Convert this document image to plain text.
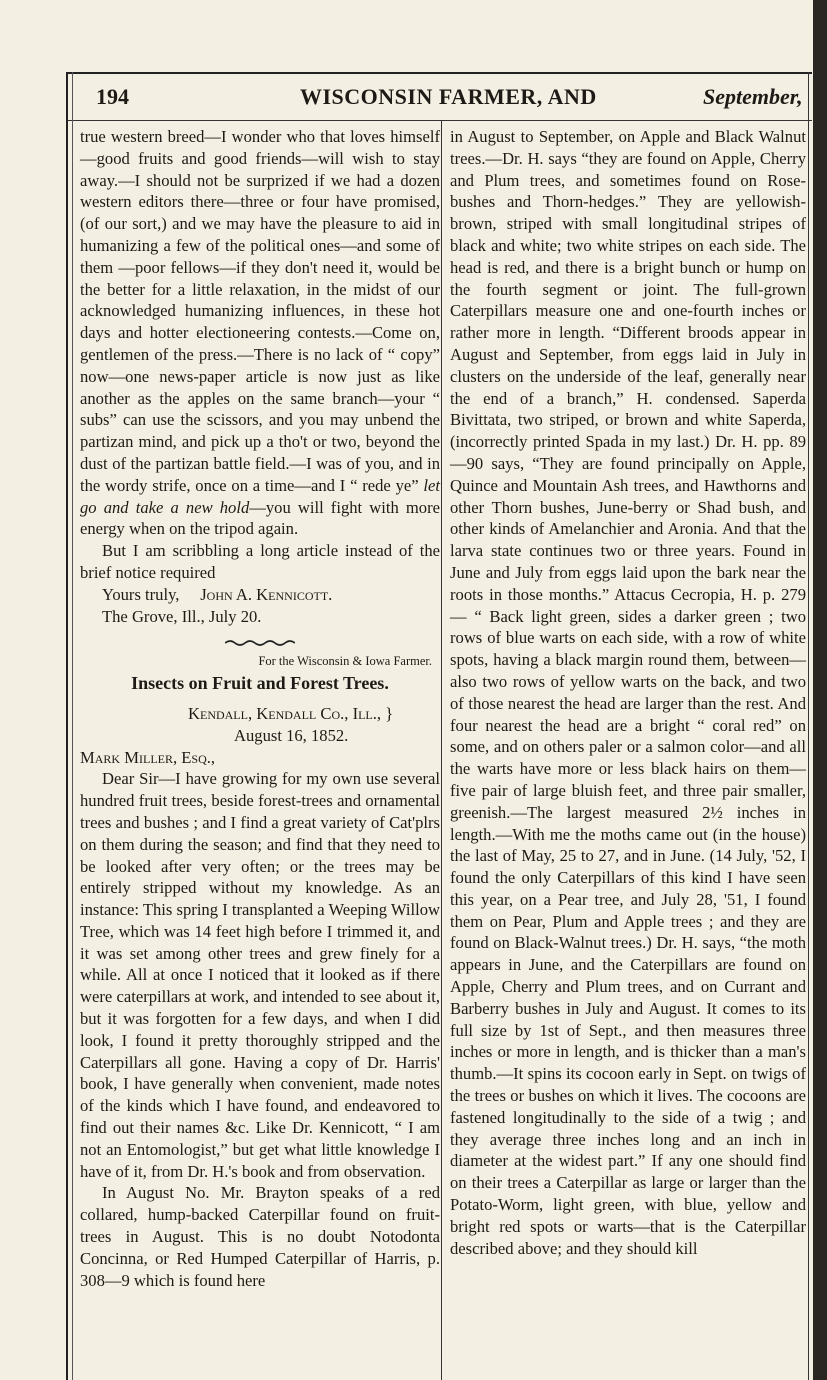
194	WISCONSIN FARMER, AND	September,

true western breed—I wonder who that loves himself—good fruits and good friends—will wish to stay away.—I should not be surprized if we had a dozen western editors there—three or four have promised, (of our sort,) and we may have the pleasure to aid in humanizing a few of the political ones—and some of them —poor fellows—if they don't need it, would be the better for a little relaxation, in the midst of our acknowledged humanizing influences, in these hot days and hotter electioneering contests.—Come on, gentlemen of the press.—There is no lack of “ copy” now—one news-paper article is now just as like another as the apples on the same branch—your “ subs” can use the scissors, and you may unbend the partizan mind, and pick up a tho't or two, beyond the dust of the partizan battle field.—I was of you, and in the wordy strife, once on a time—and I “ rede ye” let go and take a new hold—you will fight with more energy when on the tripod again.

But I am scribbling a long article instead of the brief notice required

Yours truly, John A. Kennicott.

The Grove, Ill., July 20.

For the Wisconsin & Iowa Farmer.

Insects on Fruit and Forest Trees.

Kendall, Kendall Co., Ill., }

August 16, 1852.

Mark Miller, Esq.,

Dear Sir—I have growing for my own use several hundred fruit trees, beside forest-trees and ornamental trees and bushes ; and I find a great variety of Cat'plrs on them during the season; and find that they need to be looked after very often; or the trees may be entirely stripped without my knowledge. As an instance: This spring I transplanted a Weeping Willow Tree, which was 14 feet high before I trimmed it, and it was set among other trees and grew finely for a while. All at once I noticed that it looked as if there were caterpillars at work, and intended to see about it, but it was forgotten for a few days, and when I did look, I found it pretty thoroughly stripped and the Caterpillars all gone. Having a copy of Dr. Harris' book, I have generally when convenient, made notes of the kinds which I have found, and endeavored to find out their names &c. Like Dr. Kennicott, “ I am not an Entomologist,” but get what little knowledge I have of it, from Dr. H.'s book and from observation.

In August No. Mr. Brayton speaks of a red collared, hump-backed Caterpillar found on fruit-trees in August. This is no doubt Notodonta Concinna, or Red Humped Caterpillar of Harris, p. 308—9 which is found here

in August to September, on Apple and Black Walnut trees.—Dr. H. says “they are found on Apple, Cherry and Plum trees, and sometimes found on Rose-bushes and Thorn-hedges.” They are yellowish-brown, striped with small longitudinal stripes of black and white; two white stripes on each side. The head is red, and there is a bright bunch or hump on the fourth segment or joint. The full-grown Caterpillars measure one and one-fourth inches or rather more in length. “Different broods appear in August and September, from eggs laid in July in clusters on the underside of the leaf, generally near the end of a branch,” H. condensed. Saperda Bivittata, two striped, or brown and white Saperda, (incorrectly printed Spada in my last.) Dr. H. pp. 89—90 says, “They are found principally on Apple, Quince and Mountain Ash trees, and Hawthorns and other Thorn bushes, June-berry or Shad bush, and other kinds of Amelanchier and Aronia. And that the larva state continues two or three years. Found in June and July from eggs laid upon the bark near the roots in those months.” Attacus Cecropia, H. p. 279— “ Back light green, sides a darker green ; two rows of blue warts on each side, with a row of white spots, having a black margin round them, between—also two rows of yellow warts on the back, and two of those nearest the head are larger than the rest. And four nearest the head are a bright “ coral red” on some, and on others paler or a salmon color—and all the warts have more or less black hairs on them—five pair of large bluish feet, and three pair smaller, greenish.—The largest measured 2½ inches in length.—With me the moths came out (in the house) the last of May, 25 to 27, and in June. (14 July, '52, I found the only Caterpillars of this kind I have seen this year, on a Pear tree, and July 28, '51, I found them on Pear, Plum and Apple trees ; and they are found on Black-Walnut trees.) Dr. H. says, “the moth appears in June, and the Caterpillars are found on Apple, Cherry and Plum trees, and on Currant and Barberry bushes in July and August. It comes to its full size by 1st of Sept., and then measures three inches or more in length, and is thicker than a man's thumb.—It spins its cocoon early in Sept. on twigs of the trees or bushes on which it lives. The cocoons are fastened longitudinally to the side of a twig ; and they average three inches long and an inch in diameter at the widest part.” If any one should find on their trees a Caterpillar as large or larger than the Potato-Worm, light green, with blue, yellow and bright red spots or warts—that is the Caterpillar described above; and they should kill
